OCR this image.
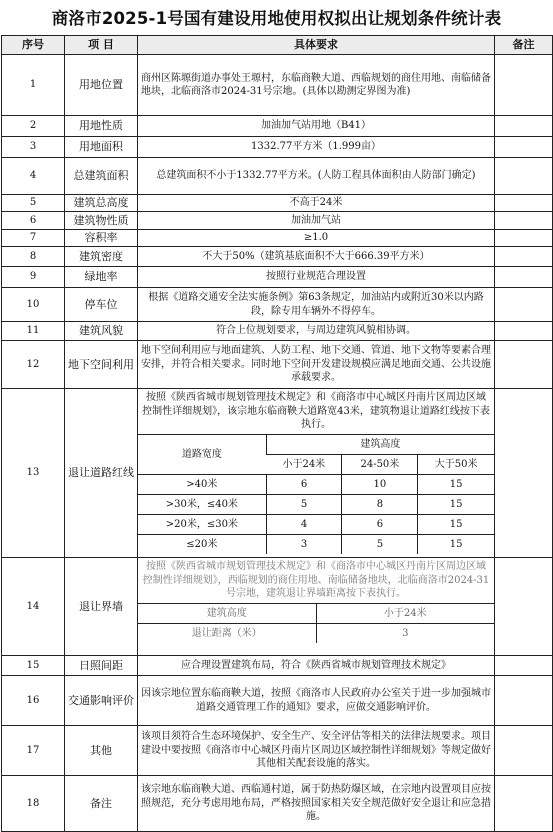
商洛市2025-1号国有建设用地使用权拟出让规划条件统计表
序号	项 目	具体要求	备注
1	用地位置	商州区陈塬街道办事处王塬村，东临商鞅大道、西临规划的商住用地、南临储备地块，北临商洛市2024-31号宗地。(具体以勘测定界图为准)	
2	用地性质	加油加气站用地（B41）	
3	用地面积	1332.77平方米（1.999亩）	
4	总建筑面积	总建筑面积不小于1332.77平方米。(人防工程具体面积由人防部门确定)	
5	建筑总高度	不高于24米	
6	建筑物性质	加油加气站	
7	容积率	≥1.0	
8	建筑密度	不大于50%（建筑基底面积不大于666.39平方米）	
9	绿地率	按照行业规范合理设置	
10	停车位	根据《道路交通安全法实施条例》第63条规定，加油站内或附近30米以内路段，除专用车辆外不得停车。	
11	建筑风貌	符合上位规划要求，与周边建筑风貌相协调。	
12	地下空间利用	地下空间利用应与地面建筑、人防工程、地下交通、管道、地下文物等要素合理安排，并符合相关要求。同时地下空间开发建设规模应满足地面交通、公共设施承载要求。	
13	退让道路红线	
按照《陕西省城市规划管理技术规定》和《商洛市中心城区丹南片区周边区域控制性详细规划》，该宗地东临商鞅大道路宽43米，建筑物退让道路红线按下表执行。
道路宽度	建筑高度
小于24米	24-50米	大于50米
>40米	6	10	15
>30米，≤40米	5	8	15
>20米，≤30米	4	6	15
≤20米	3	5	15

14	退让界墙	
按照《陕西省城市规划管理技术规定》和《商洛市中心城区丹南片区周边区域控制性详细规划》，西临规划的商住用地、南临储备地块，北临商洛市2024-31号宗地，建筑退让界墙距离按下表执行。
建筑高度	小于24米
退让距离（米）	3

15	日照间距	应合理设置建筑布局，符合《陕西省城市规划管理技术规定》	
16	交通影响评价	因该宗地位置东临商鞅大道，按照《商洛市人民政府办公室关于进一步加强城市道路交通管理工作的通知》要求，应做交通影响评价。	
17	其他	该项目须符合生态环境保护、安全生产、安全评估等相关的法律法规要求。项目建设中要按照《商洛市中心城区丹南片区周边区域控制性详细规划》等规定做好其他相关配套设施的落实。	
18	备注	该宗地东临商鞅大道、西临通村道，属于防热防爆区域，在宗地内设置项目应按照规范，充分考虑用地布局，严格按照国家相关安全规范做好安全退让和应急措施。	
